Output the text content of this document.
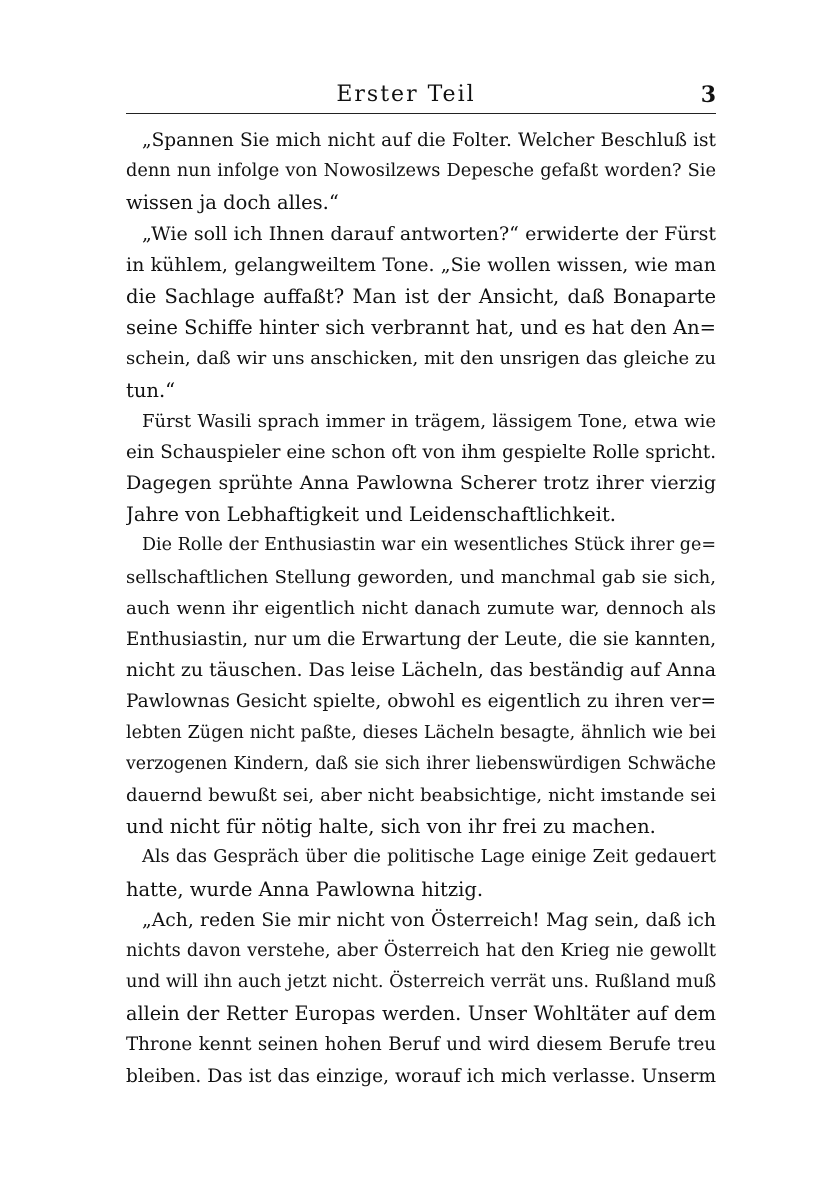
Erster Teil	3
„Spannen Sie mich nicht auf die Folter. Welcher Beschluß ist
denn nun infolge von Nowosilzews Depesche gefaßt worden? Sie
wissen ja doch alles.“
„Wie soll ich Ihnen darauf antworten?“ erwiderte der Fürst
in kühlem, gelangweiltem Tone. „Sie wollen wissen, wie man
die Sachlage auffaßt? Man ist der Ansicht, daß Bonaparte
seine Schiffe hinter sich verbrannt hat, und es hat den An=
schein, daß wir uns anschicken, mit den unsrigen das gleiche zu
tun.“
Fürst Wasili sprach immer in trägem, lässigem Tone, etwa wie
ein Schauspieler eine schon oft von ihm gespielte Rolle spricht.
Dagegen sprühte Anna Pawlowna Scherer trotz ihrer vierzig
Jahre von Lebhaftigkeit und Leidenschaftlichkeit.
Die Rolle der Enthusiastin war ein wesentliches Stück ihrer ge=
sellschaftlichen Stellung geworden, und manchmal gab sie sich,
auch wenn ihr eigentlich nicht danach zumute war, dennoch als
Enthusiastin, nur um die Erwartung der Leute, die sie kannten,
nicht zu täuschen. Das leise Lächeln, das beständig auf Anna
Pawlownas Gesicht spielte, obwohl es eigentlich zu ihren ver=
lebten Zügen nicht paßte, dieses Lächeln besagte, ähnlich wie bei
verzogenen Kindern, daß sie sich ihrer liebenswürdigen Schwäche
dauernd bewußt sei, aber nicht beabsichtige, nicht imstande sei
und nicht für nötig halte, sich von ihr frei zu machen.
Als das Gespräch über die politische Lage einige Zeit gedauert
hatte, wurde Anna Pawlowna hitzig.
„Ach, reden Sie mir nicht von Österreich! Mag sein, daß ich
nichts davon verstehe, aber Österreich hat den Krieg nie gewollt
und will ihn auch jetzt nicht. Österreich verrät uns. Rußland muß
allein der Retter Europas werden. Unser Wohltäter auf dem
Throne kennt seinen hohen Beruf und wird diesem Berufe treu
bleiben. Das ist das einzige, worauf ich mich verlasse. Unserm
